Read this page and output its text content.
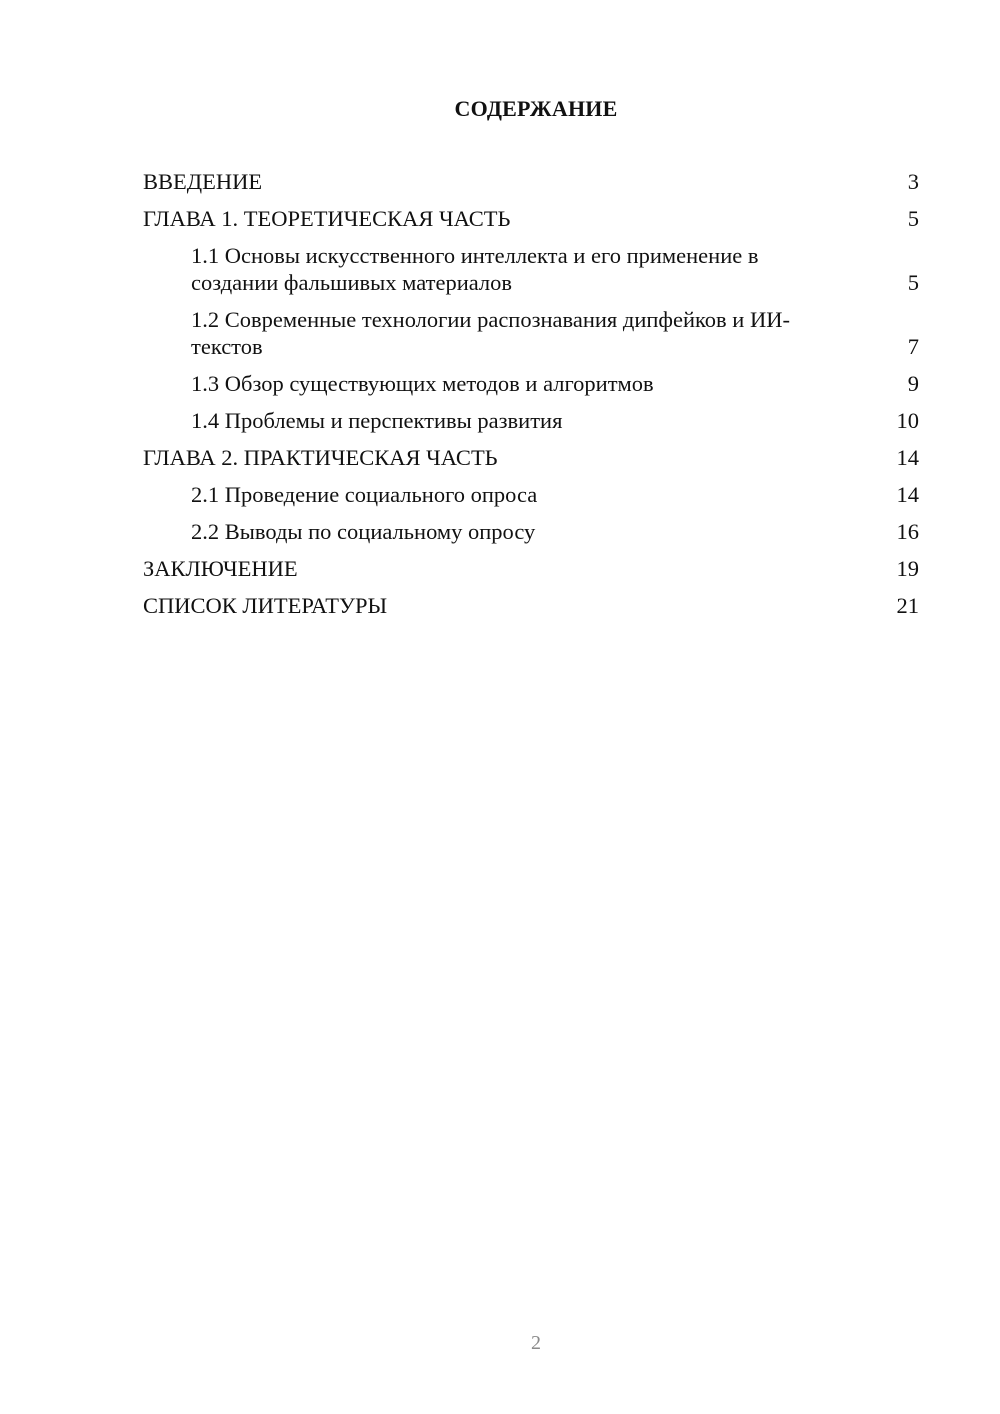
СОДЕРЖАНИЕ
ВВЕДЕНИЕ	3
ГЛАВА 1. ТЕОРЕТИЧЕСКАЯ ЧАСТЬ	5
1.1 Основы искусственного интеллекта и его применение в создании фальшивых материалов	5
1.2 Современные технологии распознавания дипфейков и ИИ-текстов	7
1.3 Обзор существующих методов и алгоритмов	9
1.4 Проблемы и перспективы развития	10
ГЛАВА 2. ПРАКТИЧЕСКАЯ ЧАСТЬ	14
2.1 Проведение социального опроса	14
2.2 Выводы по социальному опросу	16
ЗАКЛЮЧЕНИЕ	19
СПИСОК ЛИТЕРАТУРЫ	21
2
